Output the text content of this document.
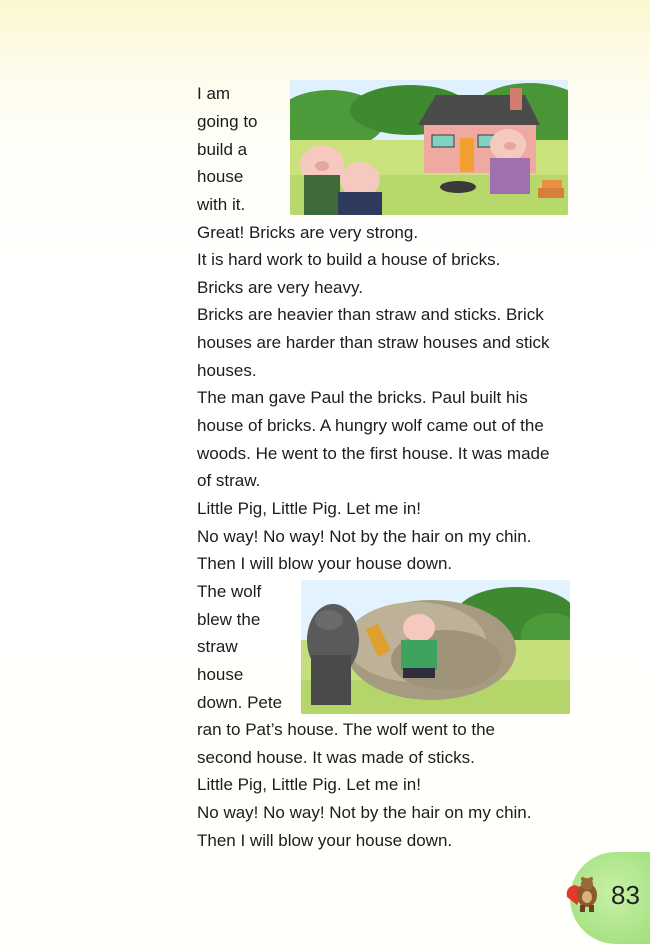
I am
going to
build a
house
with it.
Great! Bricks are very strong.
It is hard work to build a house of bricks.
Bricks are very heavy.
Bricks are heavier than straw and sticks. Brick
houses are harder than straw houses and stick
houses.
The man gave Paul the bricks. Paul built his
house of bricks. A hungry wolf came out of the
woods. He went to the first house. It was made
of straw.
Little Pig, Little Pig. Let me in!
No way! No way! Not by the hair on my chin.
Then I will blow your house down.
The wolf
blew the
straw
house
down. Pete
ran to Pat’s house. The wolf went to the
second house. It was made of sticks.
Little Pig, Little Pig. Let me in!
No way! No way! Not by the hair on my chin.
Then I will blow your house down.
83
